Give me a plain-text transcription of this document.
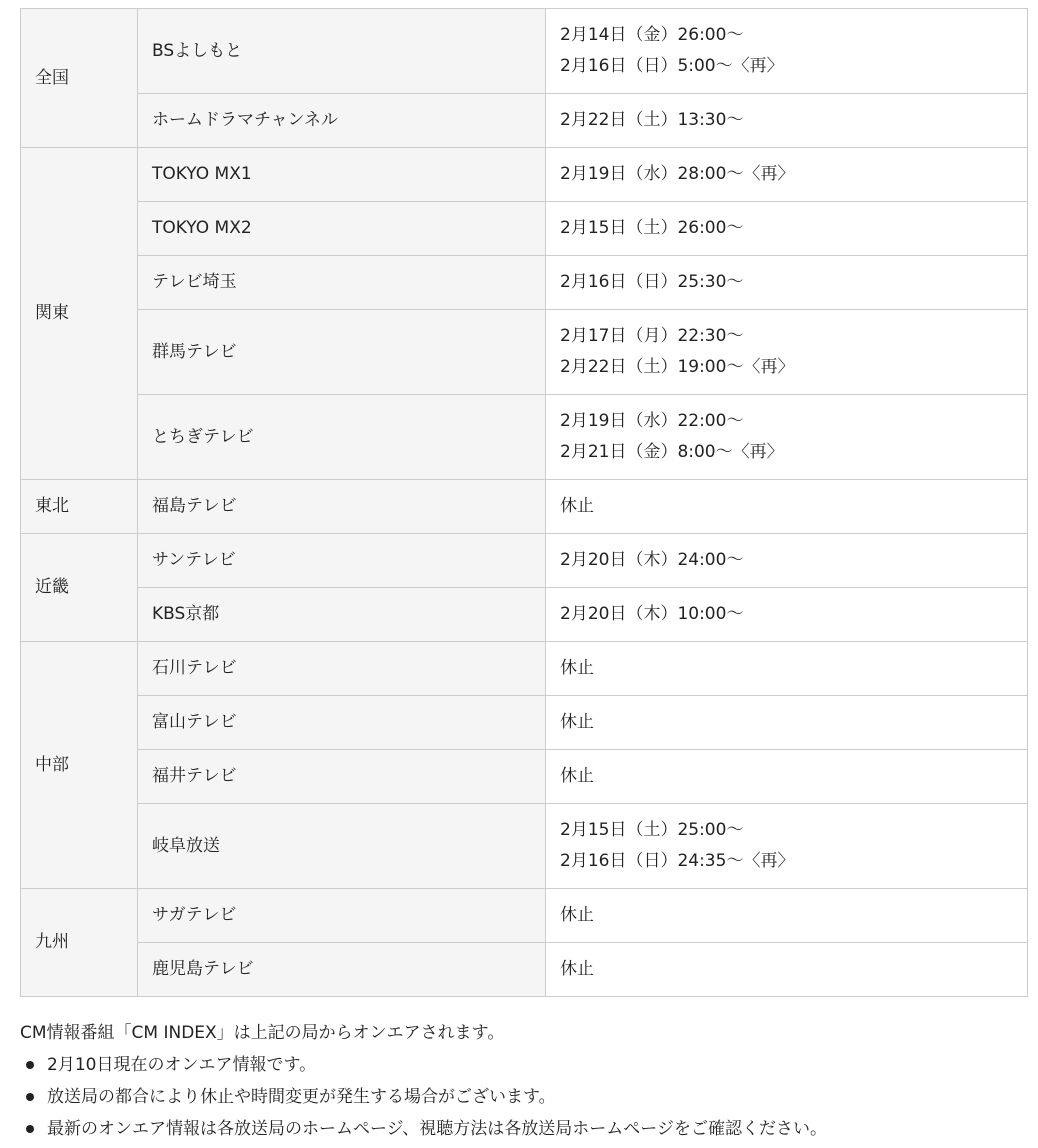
全国	BSよしもと	2月14日（金）26:00〜
2月16日（日）5:00〜〈再〉

	ホームドラマチャンネル	2月22日（土）13:30〜

関東	TOKYO MX1	2月19日（水）28:00〜〈再〉

	TOKYO MX2	2月15日（土）26:00〜

	テレビ埼玉	2月16日（日）25:30〜

	群馬テレビ	2月17日（月）22:30〜
2月22日（土）19:00〜〈再〉

	とちぎテレビ	2月19日（水）22:00〜
2月21日（金）8:00〜〈再〉

東北	福島テレビ	休止

近畿	サンテレビ	2月20日（木）24:00〜

	KBS京都	2月20日（木）10:00〜

中部	石川テレビ	休止

	富山テレビ	休止

	福井テレビ	休止

	岐阜放送	2月15日（土）25:00〜
2月16日（日）24:35〜〈再〉

九州	サガテレビ	休止

	鹿児島テレビ	休止
CM情報番組「CM INDEX」は上記の局からオンエアされます。
2月10日現在のオンエア情報です。
放送局の都合により休止や時間変更が発生する場合がございます。
最新のオンエア情報は各放送局のホームページ、視聴方法は各放送局ホームページをご確認ください。
